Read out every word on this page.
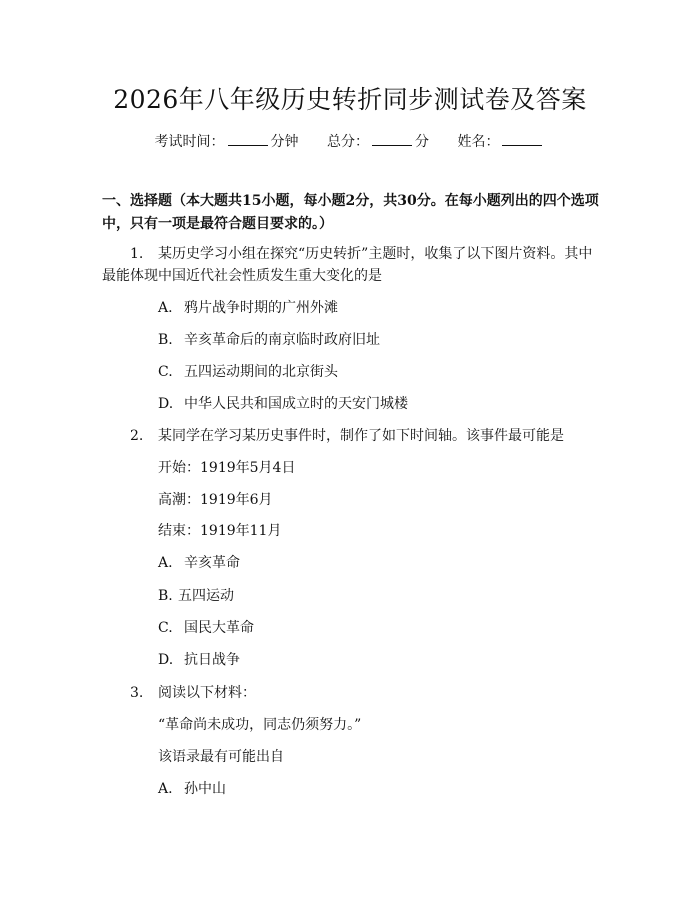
2026年八年级历史转折同步测试卷及答案
考试时间：	分钟 总分：	分 姓名：
一、选择题（本大题共15小题，每小题2分，共30分。在每小题列出的四个选项中，只有一项是最符合题目要求的。）
1. 某历史学习小组在探究“历史转折”主题时，收集了以下图片资料。其中
最能体现中国近代社会性质发生重大变化的是
A. 鸦片战争时期的广州外滩
B. 辛亥革命后的南京临时政府旧址
C. 五四运动期间的北京街头
D. 中华人民共和国成立时的天安门城楼
2. 某同学在学习某历史事件时，制作了如下时间轴。该事件最可能是
开始：1919年5月4日
高潮：1919年6月
结束：1919年11月
A. 辛亥革命
B. 五四运动
C. 国民大革命
D. 抗日战争
3. 阅读以下材料：
“革命尚未成功，同志仍须努力。”
该语录最有可能出自
A. 孙中山
